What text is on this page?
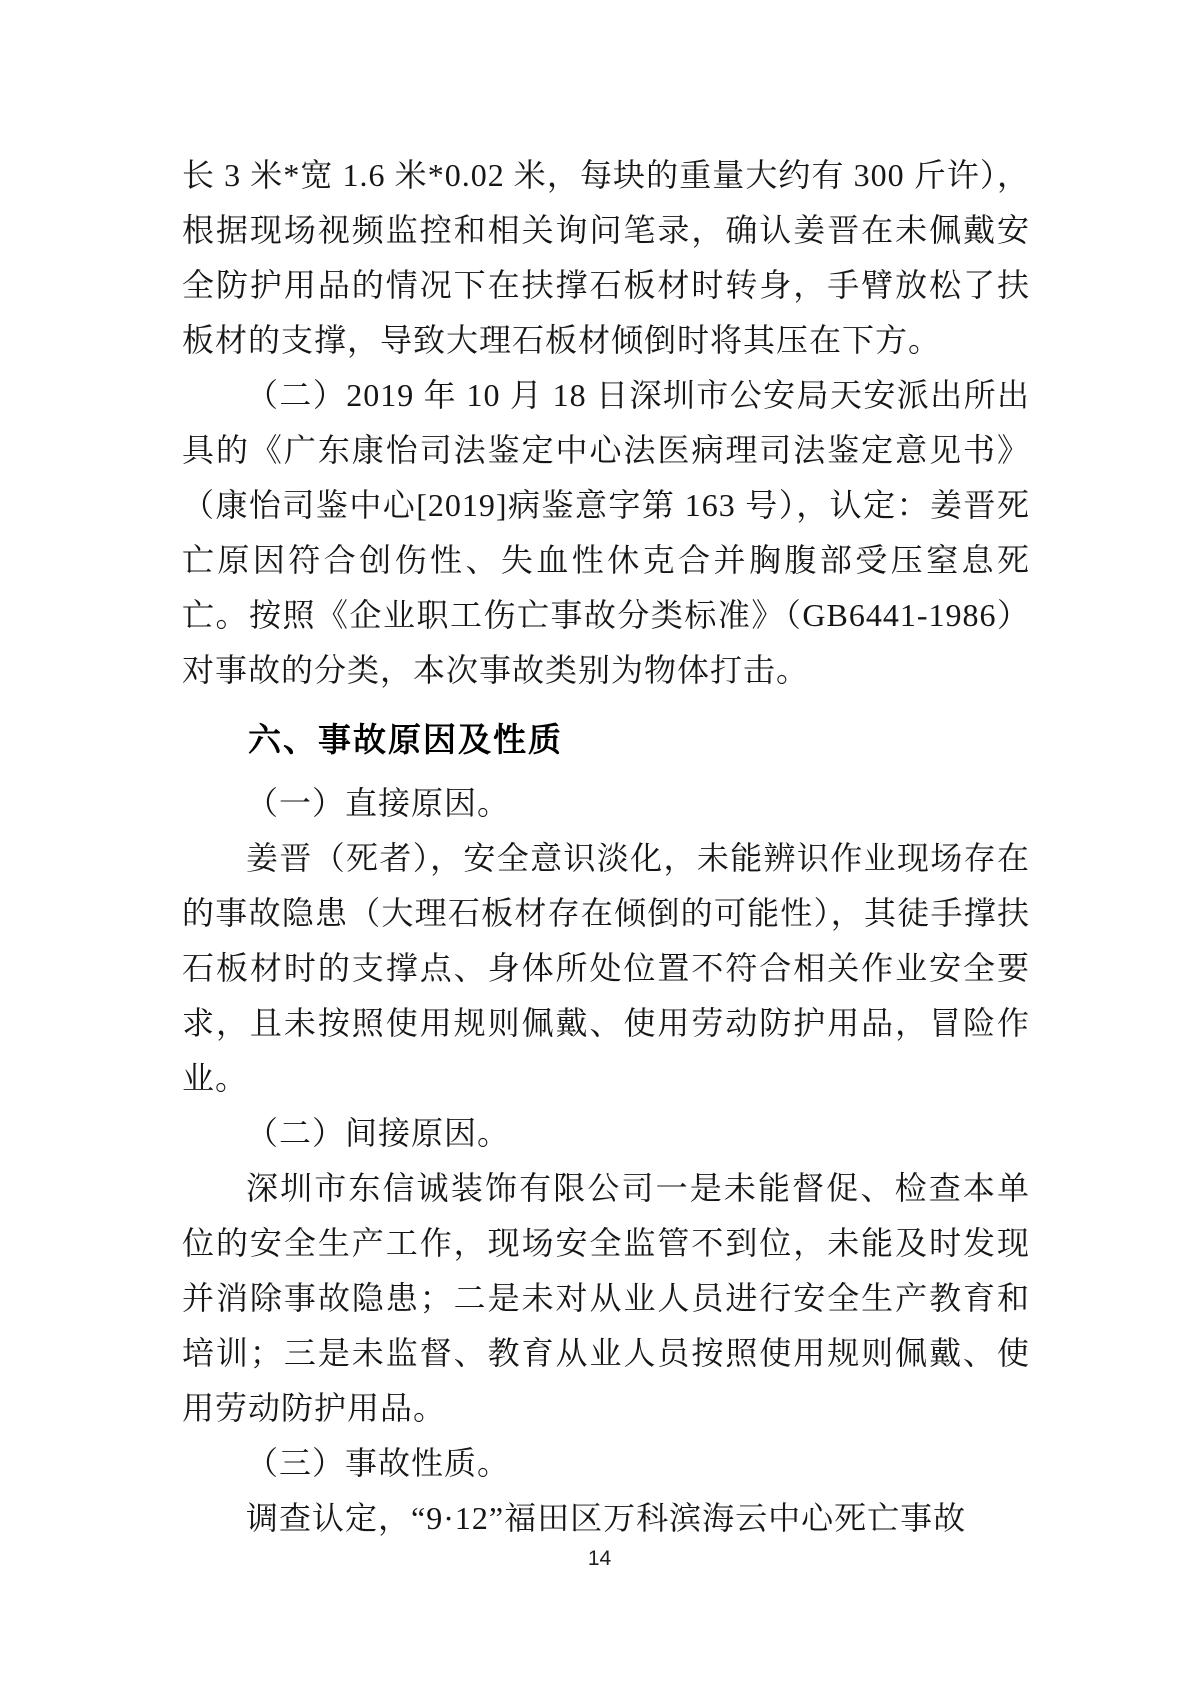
长 3 米*宽 1.6 米*0.02 米，每块的重量大约有 300 斤许），根据现场视频监控和相关询问笔录，确认姜晋在未佩戴安全防护用品的情况下在扶撑石板材时转身，手臂放松了扶板材的支撑，导致大理石板材倾倒时将其压在下方。

（二）2019 年 10 月 18 日深圳市公安局天安派出所出具的《广东康怡司法鉴定中心法医病理司法鉴定意见书》（康怡司鉴中心[2019]病鉴意字第 163 号），认定：姜晋死亡原因符合创伤性、失血性休克合并胸腹部受压窒息死亡。按照《企业职工伤亡事故分类标准》（GB6441-1986） 对事故的分类，本次事故类别为物体打击。

六、事故原因及性质

（一）直接原因。

姜晋（死者），安全意识淡化，未能辨识作业现场存在的事故隐患（大理石板材存在倾倒的可能性），其徒手撑扶石板材时的支撑点、身体所处位置不符合相关作业安全要求，且未按照使用规则佩戴、使用劳动防护用品，冒险作业。

（二）间接原因。

深圳市东信诚装饰有限公司一是未能督促、检查本单位的安全生产工作，现场安全监管不到位，未能及时发现并消除事故隐患；二是未对从业人员进行安全生产教育和培训；三是未监督、教育从业人员按照使用规则佩戴、使用劳动防护用品。

（三）事故性质。

调查认定，“9·12”福田区万科滨海云中心死亡事故

14
